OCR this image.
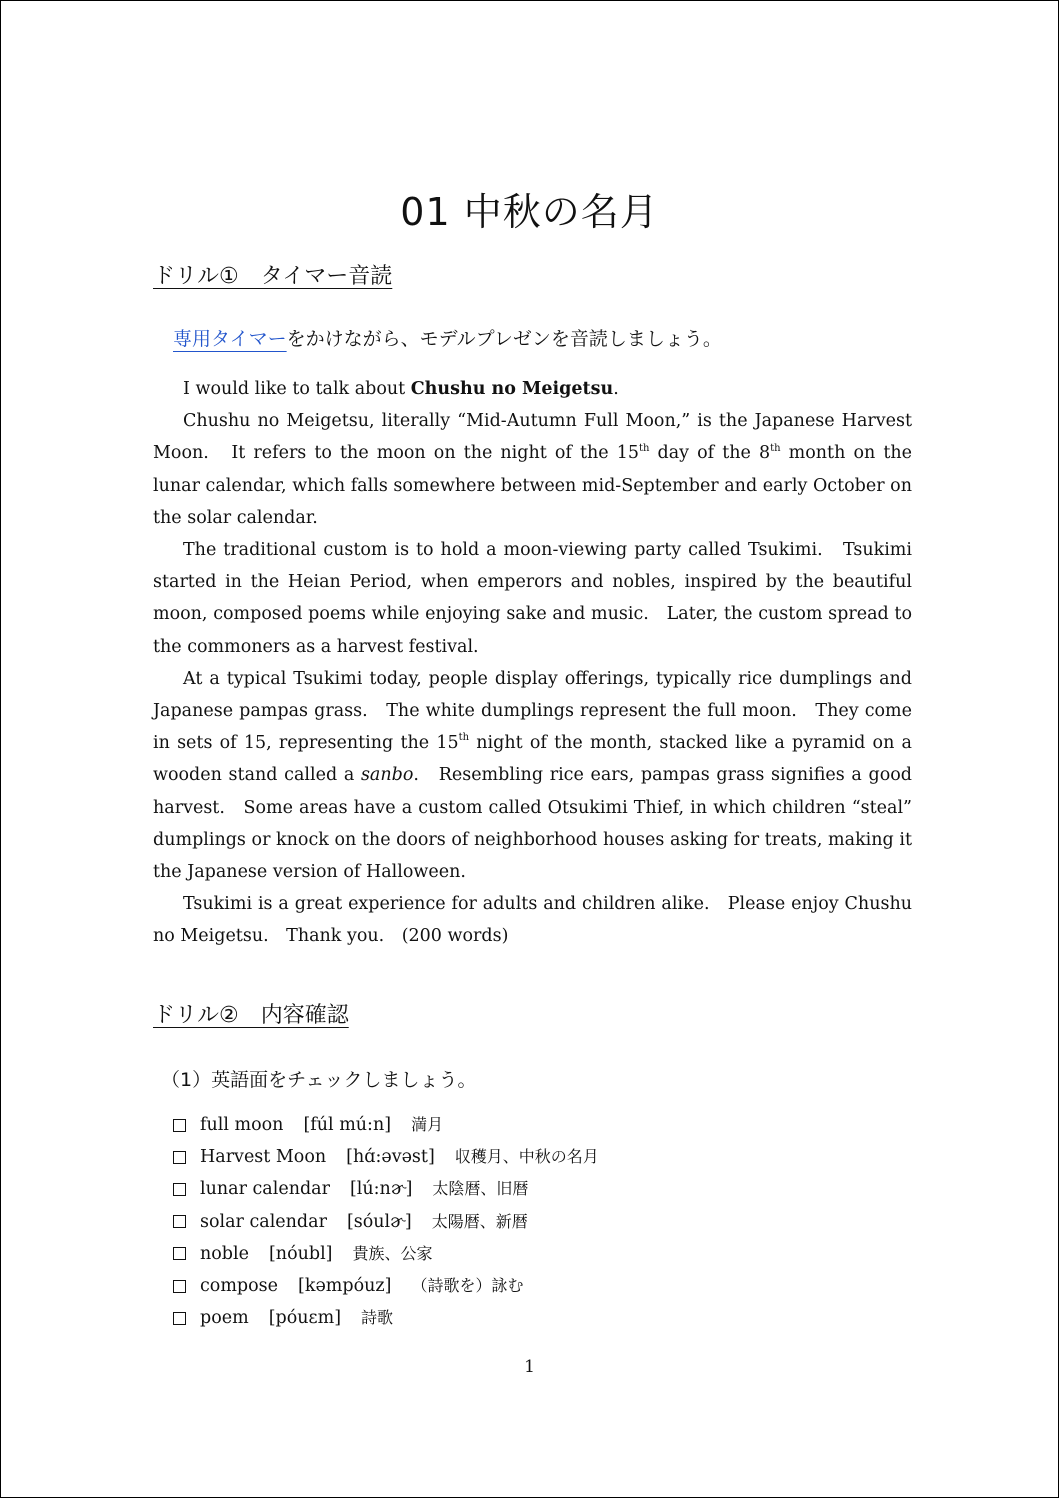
01 中秋の名月
ドリル①　タイマー音読
専用タイマーをかけながら、モデルプレゼンを音読しましょう。

I would like to talk about Chushu no Meigetsu.

Chushu no Meigetsu, literally “Mid-Autumn Full Moon,” is the Japanese Harvest Moon.　It refers to the moon on the night of the 15th day of the 8th month on the lunar calendar, which falls somewhere between mid-September and early October on the solar calendar.

The traditional custom is to hold a moon-viewing party called Tsukimi.　Tsukimi started in the Heian Period, when emperors and nobles, inspired by the beautiful moon, composed poems while enjoying sake and music.　Later, the custom spread to the commoners as a harvest festival.

At a typical Tsukimi today, people display offerings, typically rice dumplings and Japanese pampas grass.　The white dumplings represent the full moon.　They come in sets of 15, representing the 15th night of the month, stacked like a pyramid on a wooden stand called a sanbo.　Resembling rice ears, pampas grass signifies a good harvest.　Some areas have a custom called Otsukimi Thief, in which children “steal” dumplings or knock on the doors of neighborhood houses asking for treats, making it the Japanese version of Halloween.

Tsukimi is a great experience for adults and children alike.　Please enjoy Chushu no Meigetsu.　Thank you.　(200 words)

ドリル②　内容確認
（1）英語面をチェックしましょう。
full moon [fúl mú:n] 満月
Harvest Moon [hɑ́:əvəst] 収穫月、中秋の名月
lunar calendar [lú:nɚ] 太陰暦、旧暦
solar calendar [sóulɚ] 太陽暦、新暦
noble [nóubl] 貴族、公家
compose [kəmpóuz] （詩歌を）詠む
poem [póuɛm] 詩歌
1
